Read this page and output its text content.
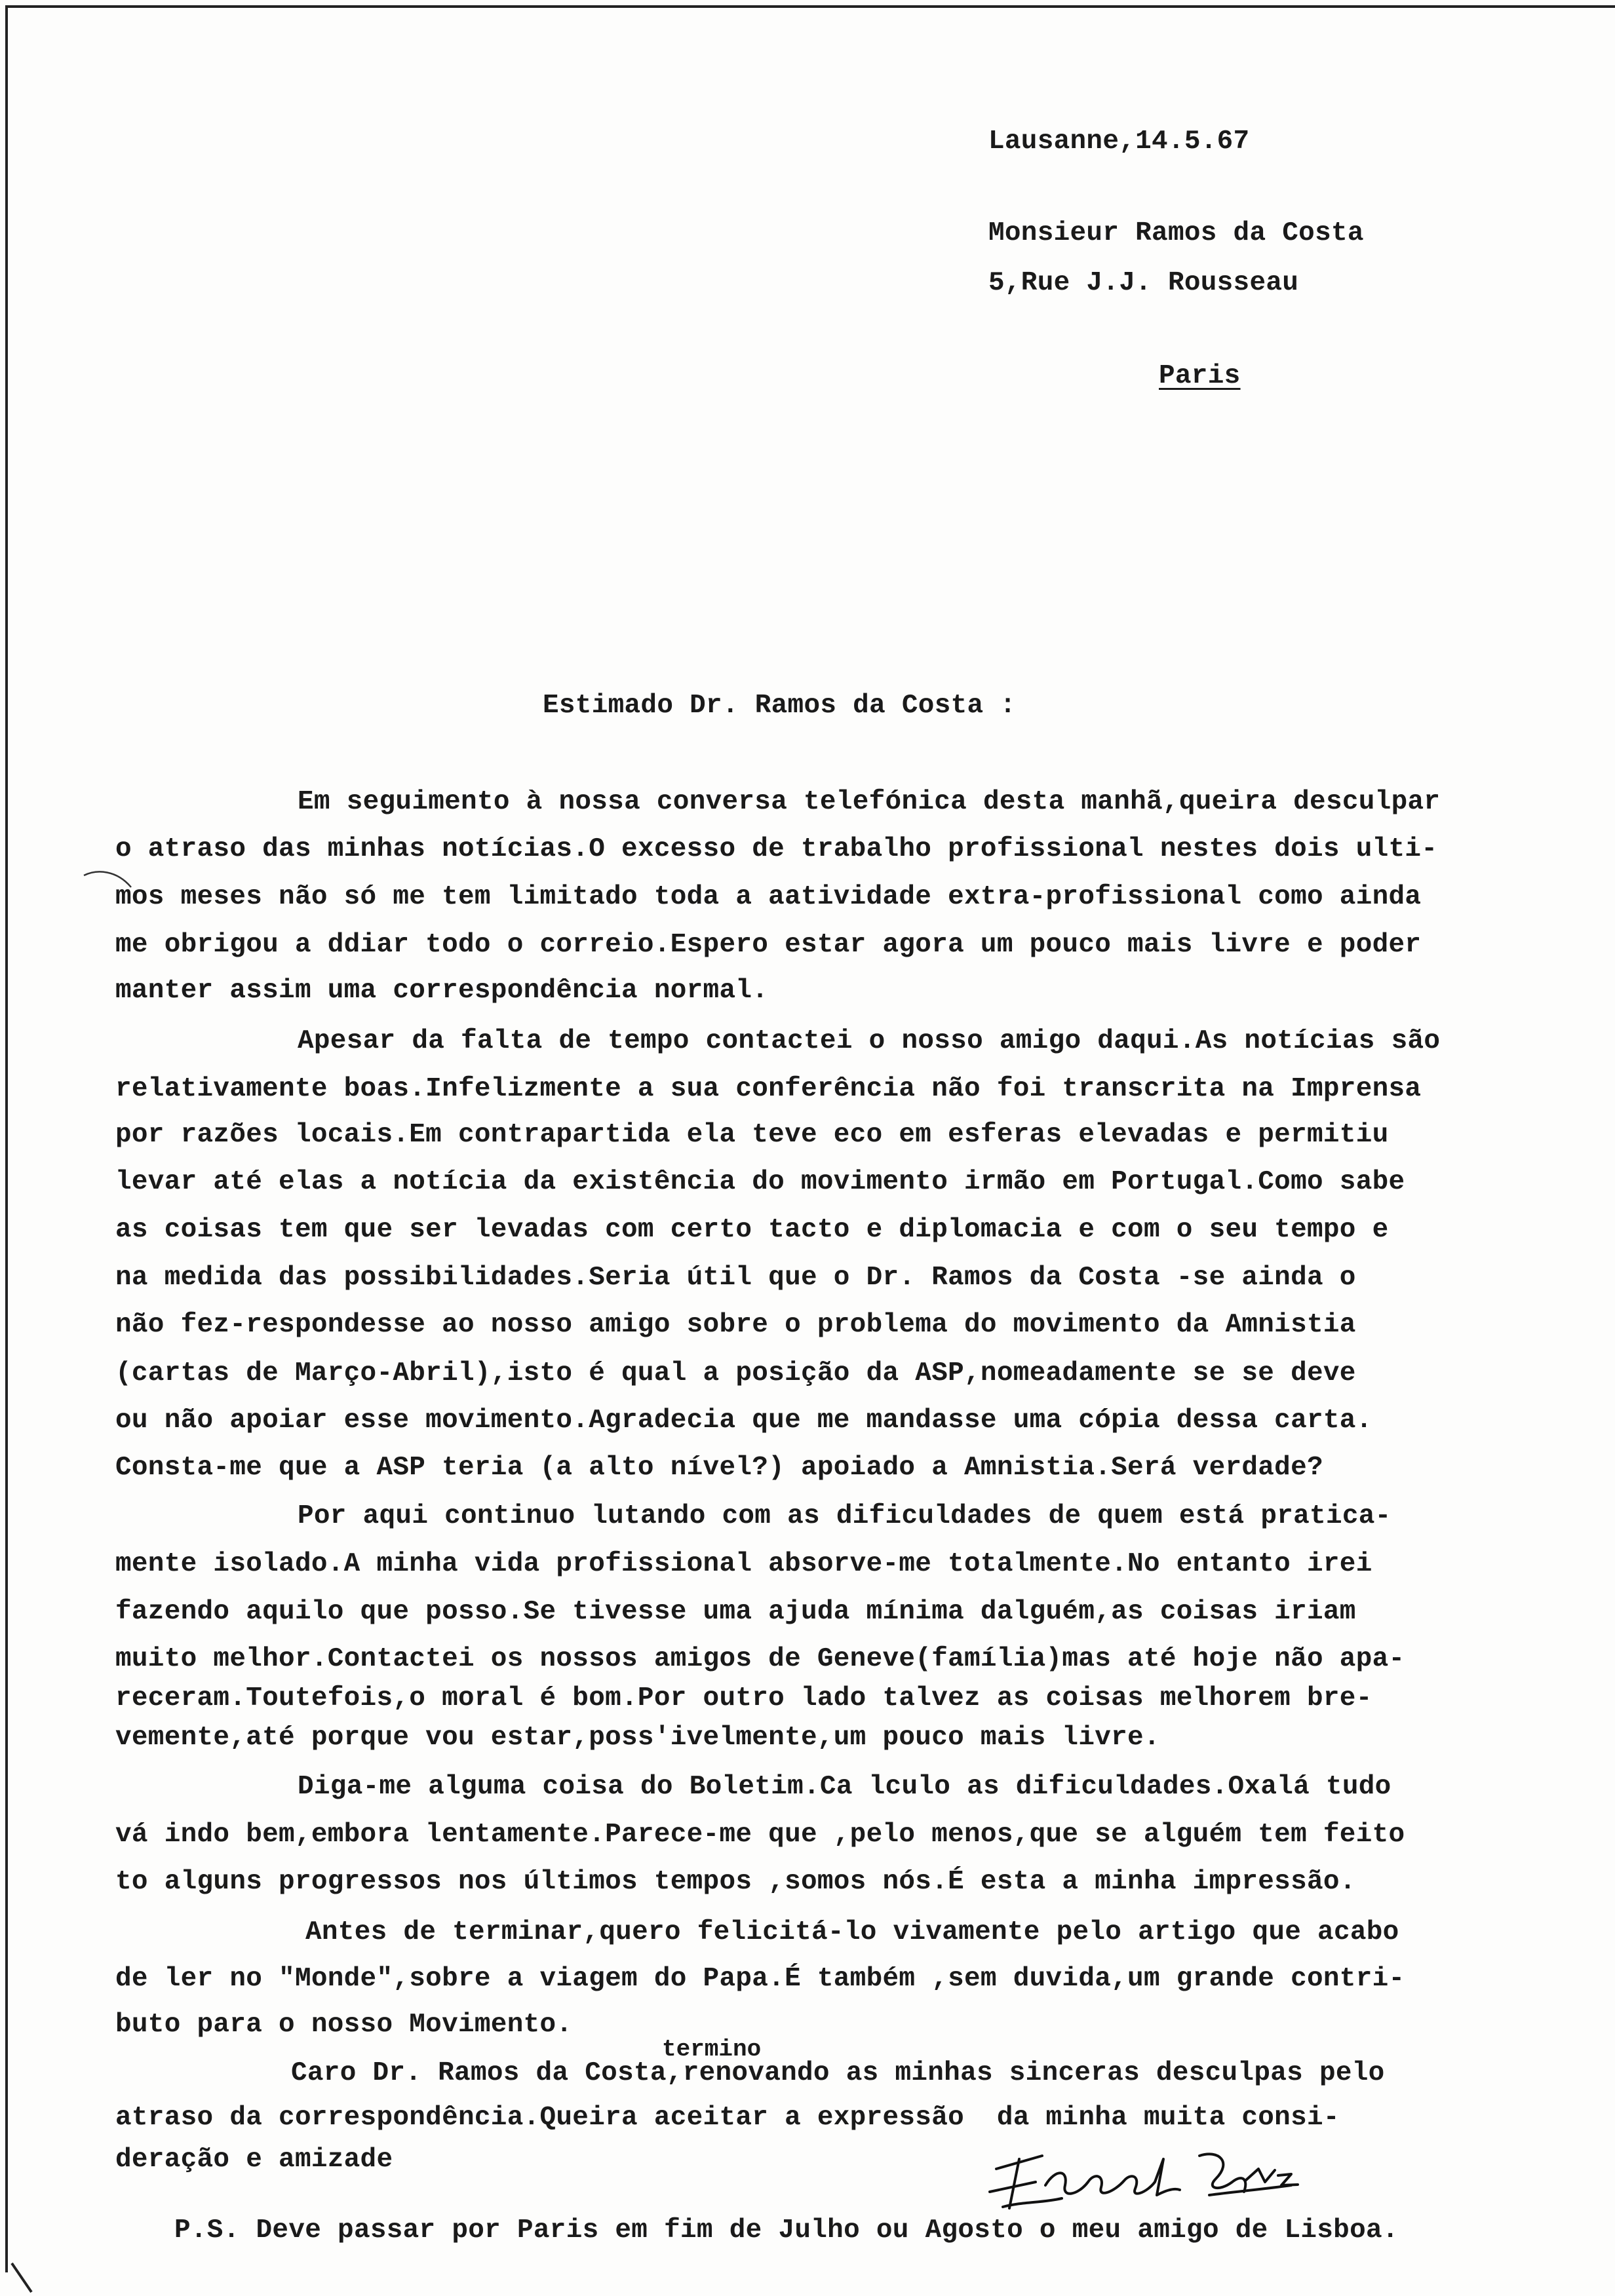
Lausanne,14.5.67
Monsieur Ramos da Costa
5,Rue J.J. Rousseau
Paris
Estimado Dr. Ramos da Costa :
Em seguimento à nossa conversa telefónica desta manhã,queira desculpar
o atraso das minhas notícias.O excesso de trabalho profissional nestes dois ulti-
mos meses não só me tem limitado toda a aatividade extra-profissional como ainda
me obrigou a ddiar todo o correio.Espero estar agora um pouco mais livre e poder
manter assim uma correspondência normal.
Apesar da falta de tempo contactei o nosso amigo daqui.As notícias são
relativamente boas.Infelizmente a sua conferência não foi transcrita na Imprensa
por razões locais.Em contrapartida ela teve eco em esferas elevadas e permitiu
levar até elas a notícia da existência do movimento irmão em Portugal.Como sabe
as coisas tem que ser levadas com certo tacto e diplomacia e com o seu tempo e
na medida das possibilidades.Seria útil que o Dr. Ramos da Costa -se ainda o
não fez-respondesse ao nosso amigo sobre o problema do movimento da Amnistia
(cartas de Março-Abril),isto é qual a posição da ASP,nomeadamente se se deve
ou não apoiar esse movimento.Agradecia que me mandasse uma cópia dessa carta.
Consta-me que a ASP teria (a alto nível?) apoiado a Amnistia.Será verdade?
Por aqui continuo lutando com as dificuldades de quem está pratica-
mente isolado.A minha vida profissional absorve-me totalmente.No entanto irei
fazendo aquilo que posso.Se tivesse uma ajuda mínima dalguém,as coisas iriam
muito melhor.Contactei os nossos amigos de Geneve(família)mas até hoje não apa-
receram.Toutefois,o moral é bom.Por outro lado talvez as coisas melhorem bre-
vemente,até porque vou estar,poss'ivelmente,um pouco mais livre.
Diga-me alguma coisa do Boletim.Ca lculo as dificuldades.Oxalá tudo
vá indo bem,embora lentamente.Parece-me que ,pelo menos,que se alguém tem feito
to alguns progressos nos últimos tempos ,somos nós.É esta a minha impressão.
Antes de terminar,quero felicitá-lo vivamente pelo artigo que acabo
de ler no "Monde",sobre a viagem do Papa.É também ,sem duvida,um grande contri-
buto para o nosso Movimento.
termino
Caro Dr. Ramos da Costa,renovando as minhas sinceras desculpas pelo
atraso da correspondência.Queira aceitar a expressão  da minha muita consi-
deração e amizade
P.S. Deve passar por Paris em fim de Julho ou Agosto o meu amigo de Lisboa.
